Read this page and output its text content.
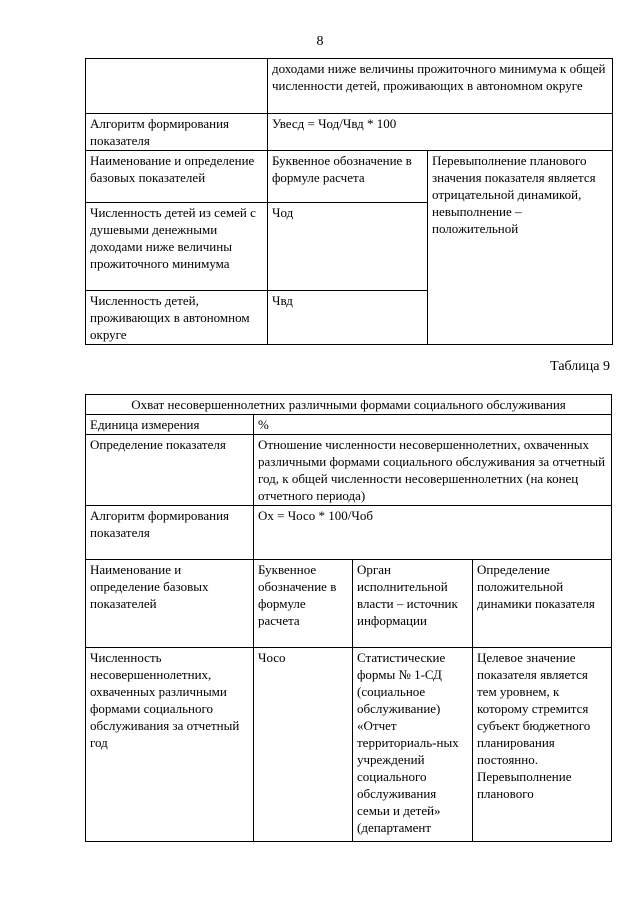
8
	доходами ниже величины прожиточного минимума к общей численности детей, проживающих в автономном округе	
Алгоритм формирования показателя	Увесд = Чод/Чвд * 100	
Наименование и определение базовых показателей	Буквенное обозначение в формуле расчета	Перевыполнение планового значения показателя является отрицательной динамикой, невыполнение – положительной
Численность детей из семей с душевыми денежными доходами ниже величины прожиточного минимума	Чод	
Численность детей, проживающих в автономном округе	Чвд	
Таблица 9
Охват несовершеннолетних различными формами социального обслуживания			
Единица измерения	%		
Определение показателя	Отношение численности несовершеннолетних, охваченных различными формами социального обслуживания за отчетный год, к общей численности несовершеннолетних (на конец отчетного периода)		
Алгоритм формирования показателя	Ох = Чосо * 100/Чоб		
Наименование и определение базовых показателей	Буквенное обозначение в формуле расчета	Орган исполнительной власти – источник информации	Определение положительной динамики показателя
Численность несовершеннолетних, охваченных различными формами социального обслуживания за отчетный год	Чосо	Статистические формы № 1-СД (социальное обслуживание) «Отчет территориаль-ных учреждений социального обслуживания семьи и детей» (департамент	Целевое значение показателя является тем уровнем, к которому стремится субъект бюджетного планирования постоянно. Перевыполнение планового
